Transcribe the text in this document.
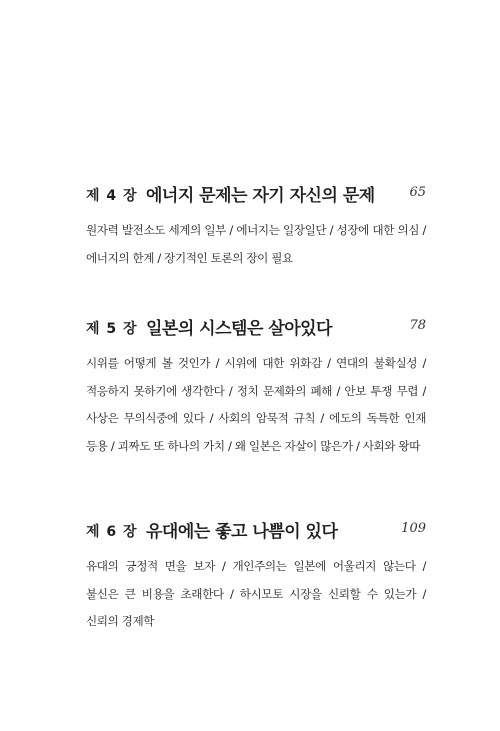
제 4 장 에너지 문제는 자기 자신의 문제	65
원자력 발전소도 세계의 일부 / 에너지는 일장일단 / 성장에 대한 의심 / 에너지의 한계 / 장기적인 토론의 장이 필요
제 5 장 일본의 시스템은 살아있다	78
시위를 어떻게 볼 것인가 / 시위에 대한 위화감 / 연대의 불확실성 / 적응하지 못하기에 생각한다 / 정치 문제화의 폐해 / 안보 투쟁 무렵 / 사상은 무의식중에 있다 / 사회의 암묵적 규칙 / 에도의 독특한 인재 등용 / 괴짜도 또 하나의 가치 / 왜 일본은 자살이 많은가 / 사회와 왕따
제 6 장 유대에는 좋고 나쁨이 있다	109
유대의 긍정적 면을 보자 / 개인주의는 일본에 어울리지 않는다 / 불신은 큰 비용을 초래한다 / 하시모토 시장을 신뢰할 수 있는가 / 신뢰의 경제학
